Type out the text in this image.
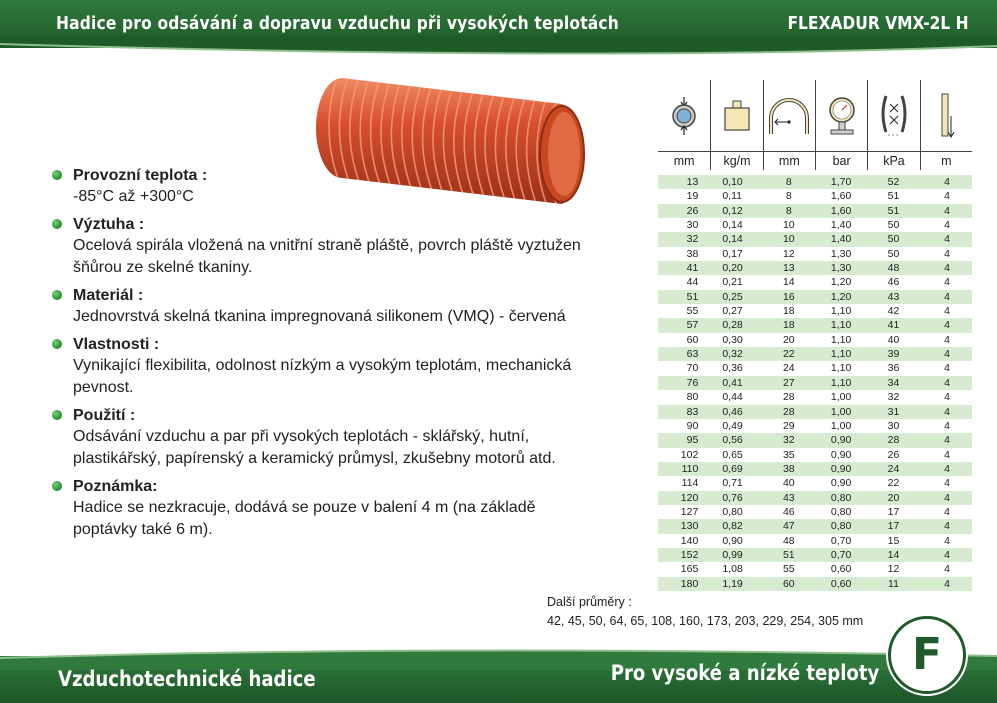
Hadice pro odsávání a dopravu vzduchu při vysokých teplotách	FLEXADUR VMX-2L H
Provozní teplota :
-85°C až +300°C
Výztuha :
Ocelová spirála vložená na vnitřní straně pláště, povrch pláště vyztužen šňůrou ze skelné tkaniny.
Materiál :
Jednovrstvá skelná tkanina impregnovaná silikonem (VMQ) - červená
Vlastnosti :
Vynikající flexibilita, odolnost nízkým a vysokým teplotám, mechanická pevnost.
Použití :
Odsávání vzduchu a par při vysokých teplotách - sklářský, hutní, plastikářský, papírenský a keramický průmysl, zkušebny motorů atd.
Poznámka:
Hadice se nezkracuje, dodává se pouze v balení 4 m (na základě poptávky také 6 m).
mm	kg/m	mm	bar	kPa	m
13	0,10	8	1,70	52	4
19	0,11	8	1,60	51	4
26	0,12	8	1,60	51	4
30	0,14	10	1,40	50	4
32	0,14	10	1,40	50	4
38	0,17	12	1,30	50	4
41	0,20	13	1,30	48	4
44	0,21	14	1,20	46	4
51	0,25	16	1,20	43	4
55	0,27	18	1,10	42	4
57	0,28	18	1,10	41	4
60	0,30	20	1,10	40	4
63	0,32	22	1,10	39	4
70	0,36	24	1,10	36	4
76	0,41	27	1,10	34	4
80	0,44	28	1,00	32	4
83	0,46	28	1,00	31	4
90	0,49	29	1,00	30	4
95	0,56	32	0,90	28	4
102	0,65	35	0,90	26	4
110	0,69	38	0,90	24	4
114	0,71	40	0,90	22	4
120	0,76	43	0,80	20	4
127	0,80	46	0,80	17	4
130	0,82	47	0,80	17	4
140	0,90	48	0,70	15	4
152	0,99	51	0,70	14	4
165	1,08	55	0,60	12	4
180	1,19	60	0,60	11	4
Další průměry :
42, 45, 50, 64, 65, 108, 160, 173, 203, 229, 254, 305 mm
Vzduchotechnické hadice	Pro vysoké a nízké teploty F
